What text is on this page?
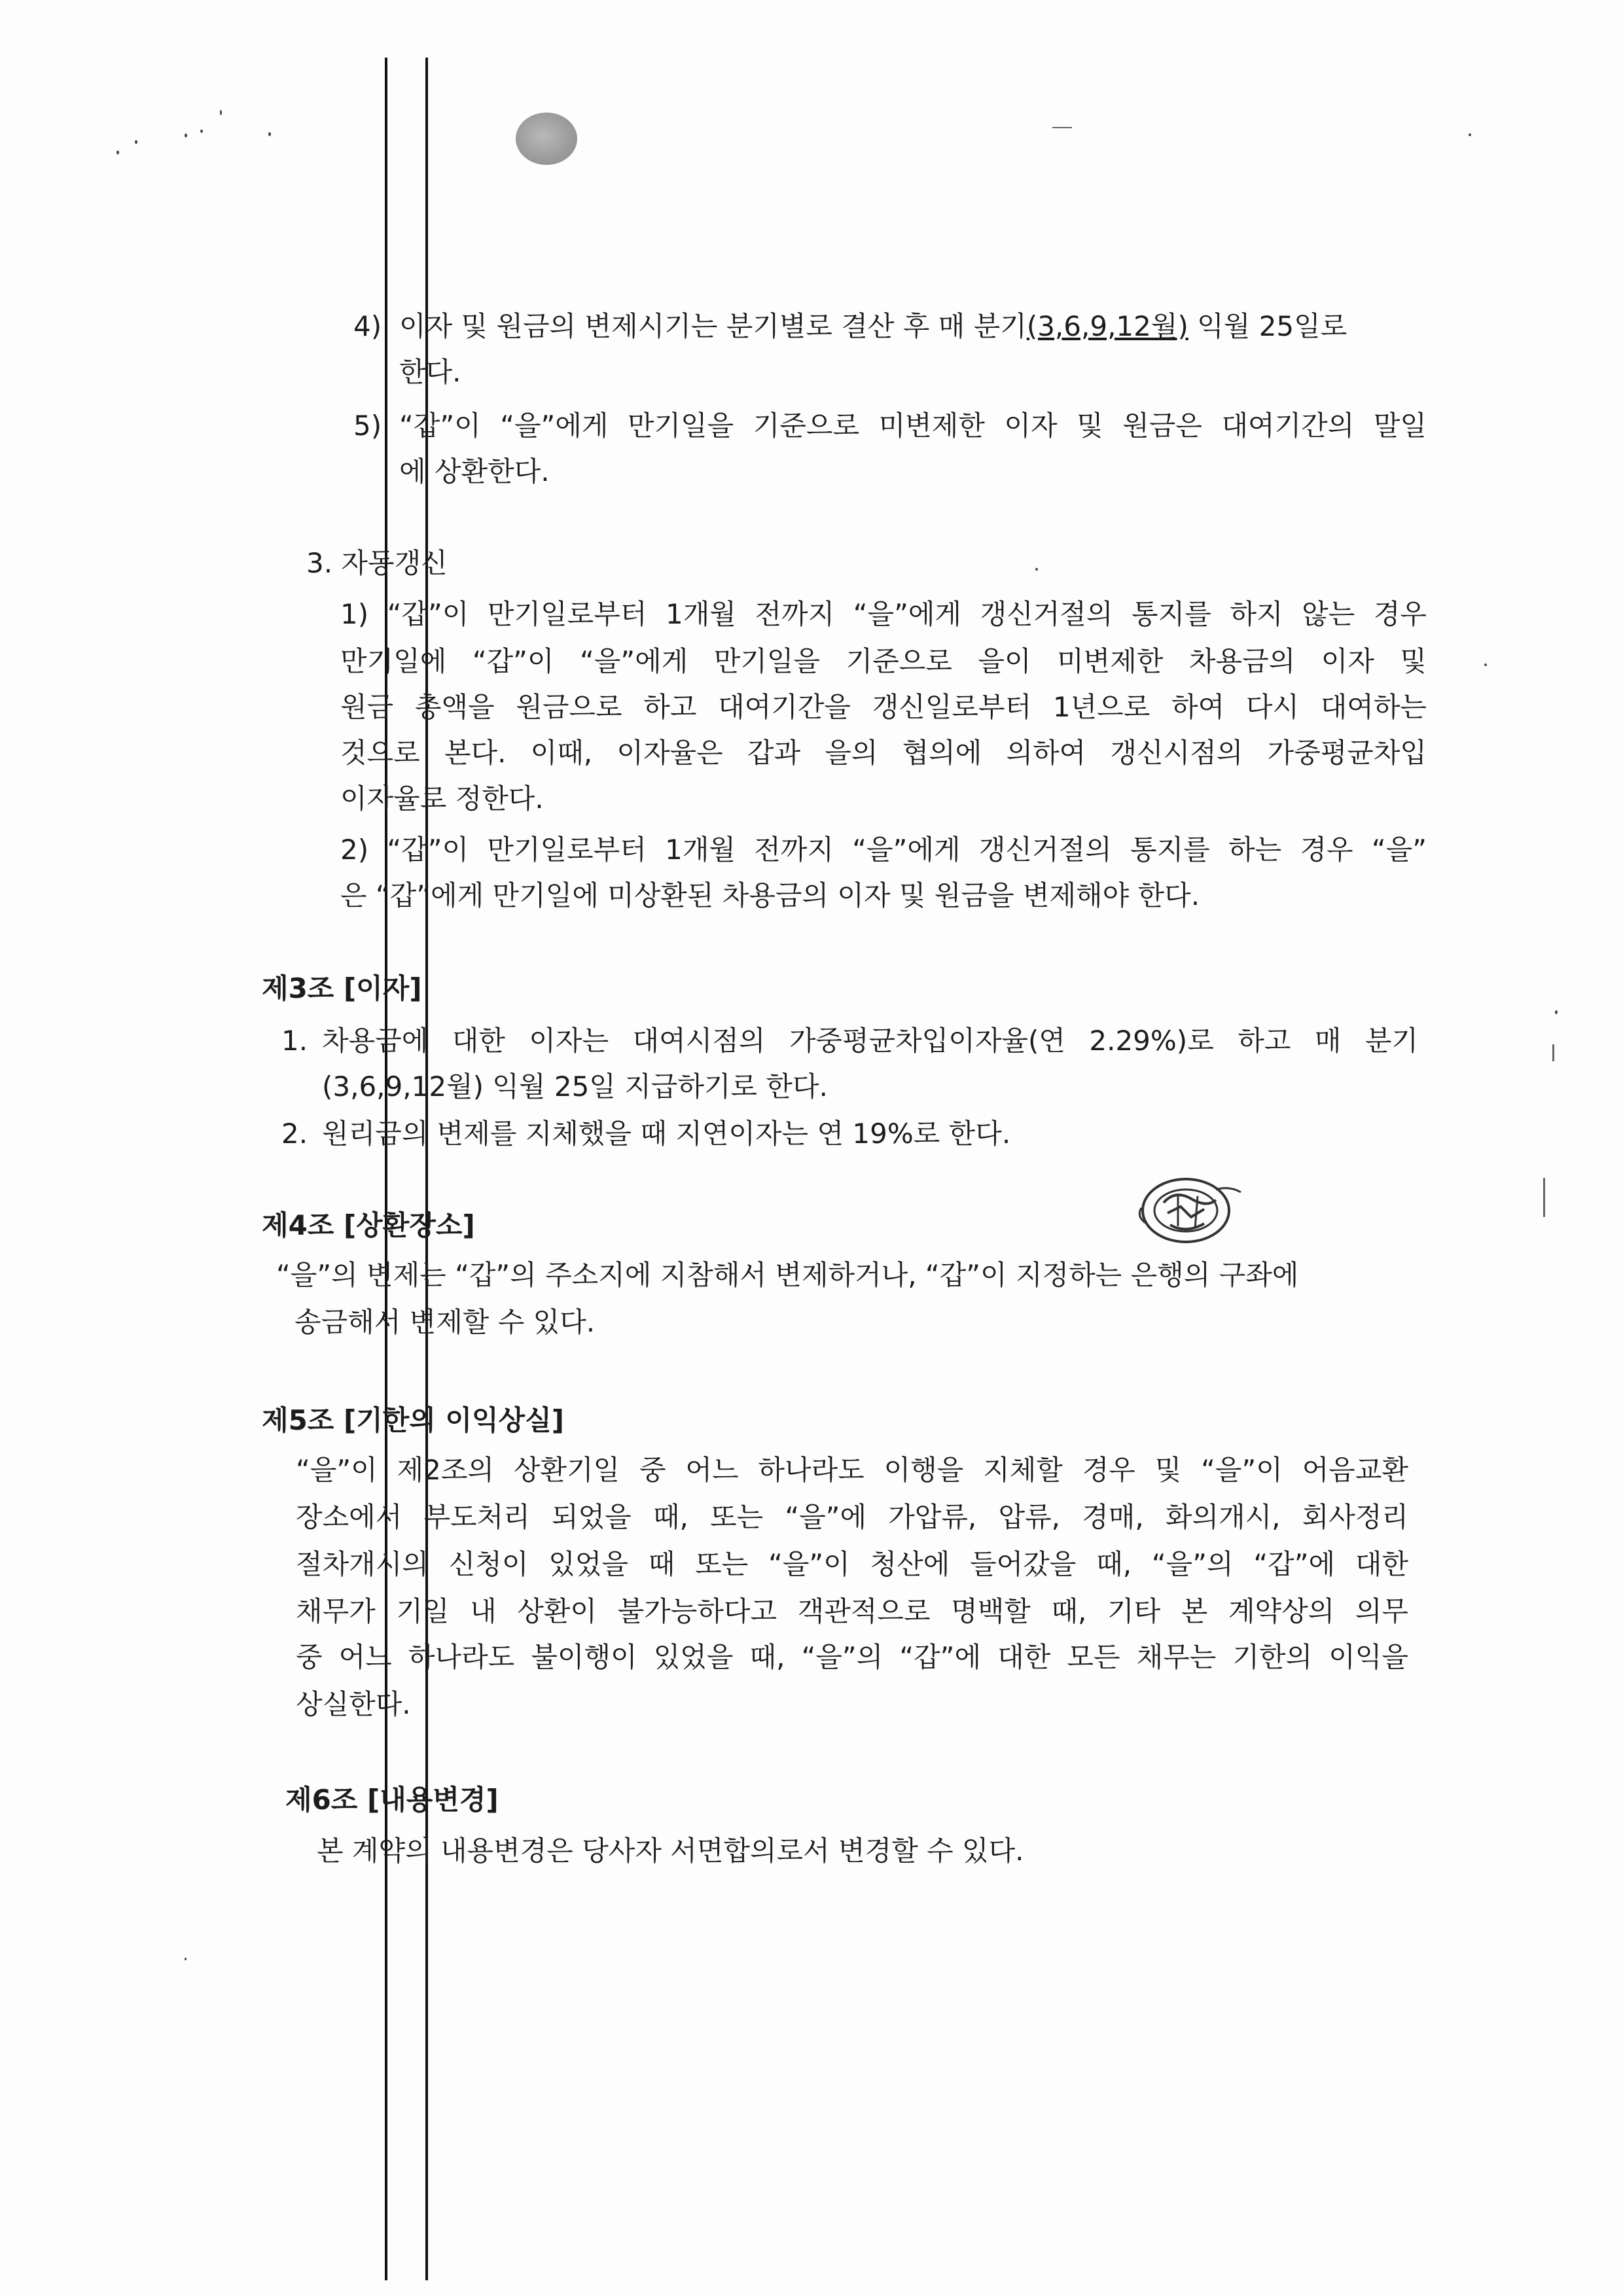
4) 이자 및 원금의 변제시기는 분기별로 결산 후 매 분기(3,6,9,12월) 익월 25일로
한다.
5) “갑”이 “을”에게 만기일을 기준으로 미변제한 이자 및 원금은 대여기간의 말일
에 상환한다.
3. 자동갱신
1) “갑”이 만기일로부터 1개월 전까지 “을”에게 갱신거절의 통지를 하지 않는 경우
만기일에 “갑”이 “을”에게 만기일을 기준으로 을이 미변제한 차용금의 이자 및
원금 총액을 원금으로 하고 대여기간을 갱신일로부터 1년으로 하여 다시 대여하는
것으로 본다. 이때, 이자율은 갑과 을의 협의에 의하여 갱신시점의 가중평균차입
이자율로 정한다.
2) “갑”이 만기일로부터 1개월 전까지 “을”에게 갱신거절의 통지를 하는 경우 “을”
은 “갑”에게 만기일에 미상환된 차용금의 이자 및 원금을 변제해야 한다.
제3조 [이자]
1. 차용금에 대한 이자는 대여시점의 가중평균차입이자율(연 2.29%)로 하고 매 분기
(3,6,9,12월) 익월 25일 지급하기로 한다.
2. 원리금의 변제를 지체했을 때 지연이자는 연 19%로 한다.
제4조 [상환장소]
“을”의 변제는 “갑”의 주소지에 지참해서 변제하거나, “갑”이 지정하는 은행의 구좌에
송금해서 변제할 수 있다.
제5조 [기한의 이익상실]
“을”이 제2조의 상환기일 중 어느 하나라도 이행을 지체할 경우 및 “을”이 어음교환
장소에서 부도처리 되었을 때, 또는 “을”에 가압류, 압류, 경매, 화의개시, 회사정리
절차개시의 신청이 있었을 때 또는 “을”이 청산에 들어갔을 때, “을”의 “갑”에 대한
채무가 기일 내 상환이 불가능하다고 객관적으로 명백할 때, 기타 본 계약상의 의무
중 어느 하나라도 불이행이 있었을 때, “을”의 “갑”에 대한 모든 채무는 기한의 이익을
상실한다.
제6조 [내용변경]
본 계약의 내용변경은 당사자 서면합의로서 변경할 수 있다.
